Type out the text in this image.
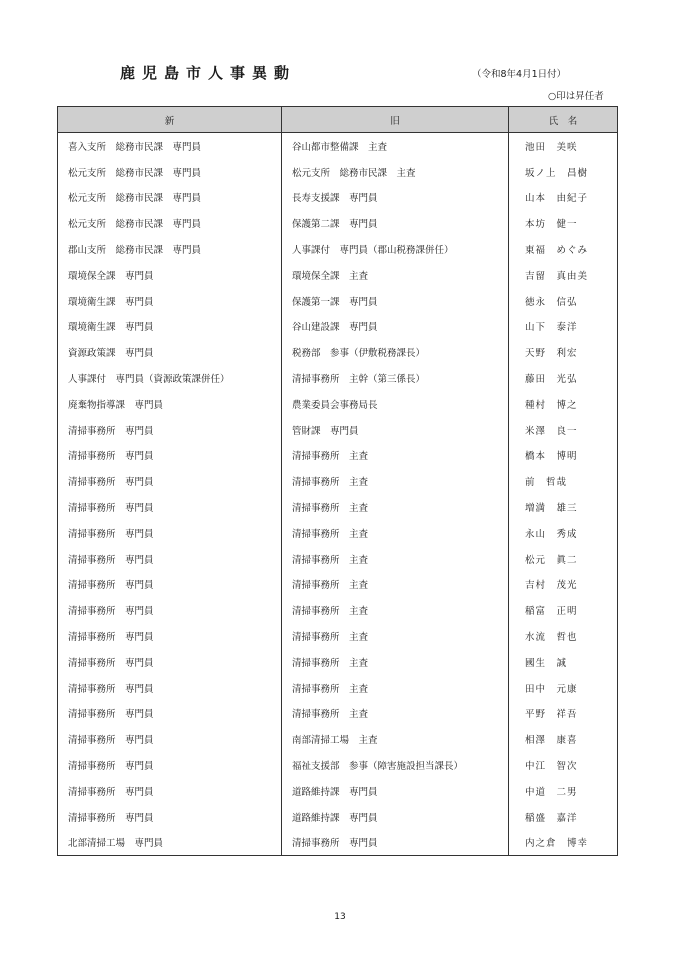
鹿児島市人事異動	（令和8年4月1日付）
○印は昇任者
新	旧	氏　名
喜入支所　総務市民課　専門員	谷山都市整備課　主査	池田　美咲
松元支所　総務市民課　専門員	松元支所　総務市民課　主査	坂ノ上　昌樹
松元支所　総務市民課　専門員	長寿支援課　専門員	山本　由紀子
松元支所　総務市民課　専門員	保護第二課　専門員	本坊　健一
郡山支所　総務市民課　専門員	人事課付　専門員（郡山税務課併任）	東福　めぐみ
環境保全課　専門員	環境保全課　主査	吉留　真由美
環境衛生課　専門員	保護第一課　専門員	徳永　信弘
環境衛生課　専門員	谷山建設課　専門員	山下　泰洋
資源政策課　専門員	税務部　参事（伊敷税務課長）	天野　利宏
人事課付　専門員（資源政策課併任）	清掃事務所　主幹（第三係長）	藤田　光弘
廃棄物指導課　専門員	農業委員会事務局長	種村　博之
清掃事務所　専門員	管財課　専門員	米澤　良一
清掃事務所　専門員	清掃事務所　主査	橋本　博明
清掃事務所　専門員	清掃事務所　主査	前　哲哉
清掃事務所　専門員	清掃事務所　主査	増満　雄三
清掃事務所　専門員	清掃事務所　主査	永山　秀成
清掃事務所　専門員	清掃事務所　主査	松元　眞二
清掃事務所　専門員	清掃事務所　主査	吉村　茂光
清掃事務所　専門員	清掃事務所　主査	稲富　正明
清掃事務所　専門員	清掃事務所　主査	水流　哲也
清掃事務所　専門員	清掃事務所　主査	國生　誠
清掃事務所　専門員	清掃事務所　主査	田中　元康
清掃事務所　専門員	清掃事務所　主査	平野　祥吾
清掃事務所　専門員	南部清掃工場　主査	相澤　康喜
清掃事務所　専門員	福祉支援部　参事（障害施設担当課長）	中江　智次
清掃事務所　専門員	道路維持課　専門員	中道　二男
清掃事務所　専門員	道路維持課　専門員	稲盛　嘉洋
北部清掃工場　専門員	清掃事務所　専門員	内之倉　博幸
13
